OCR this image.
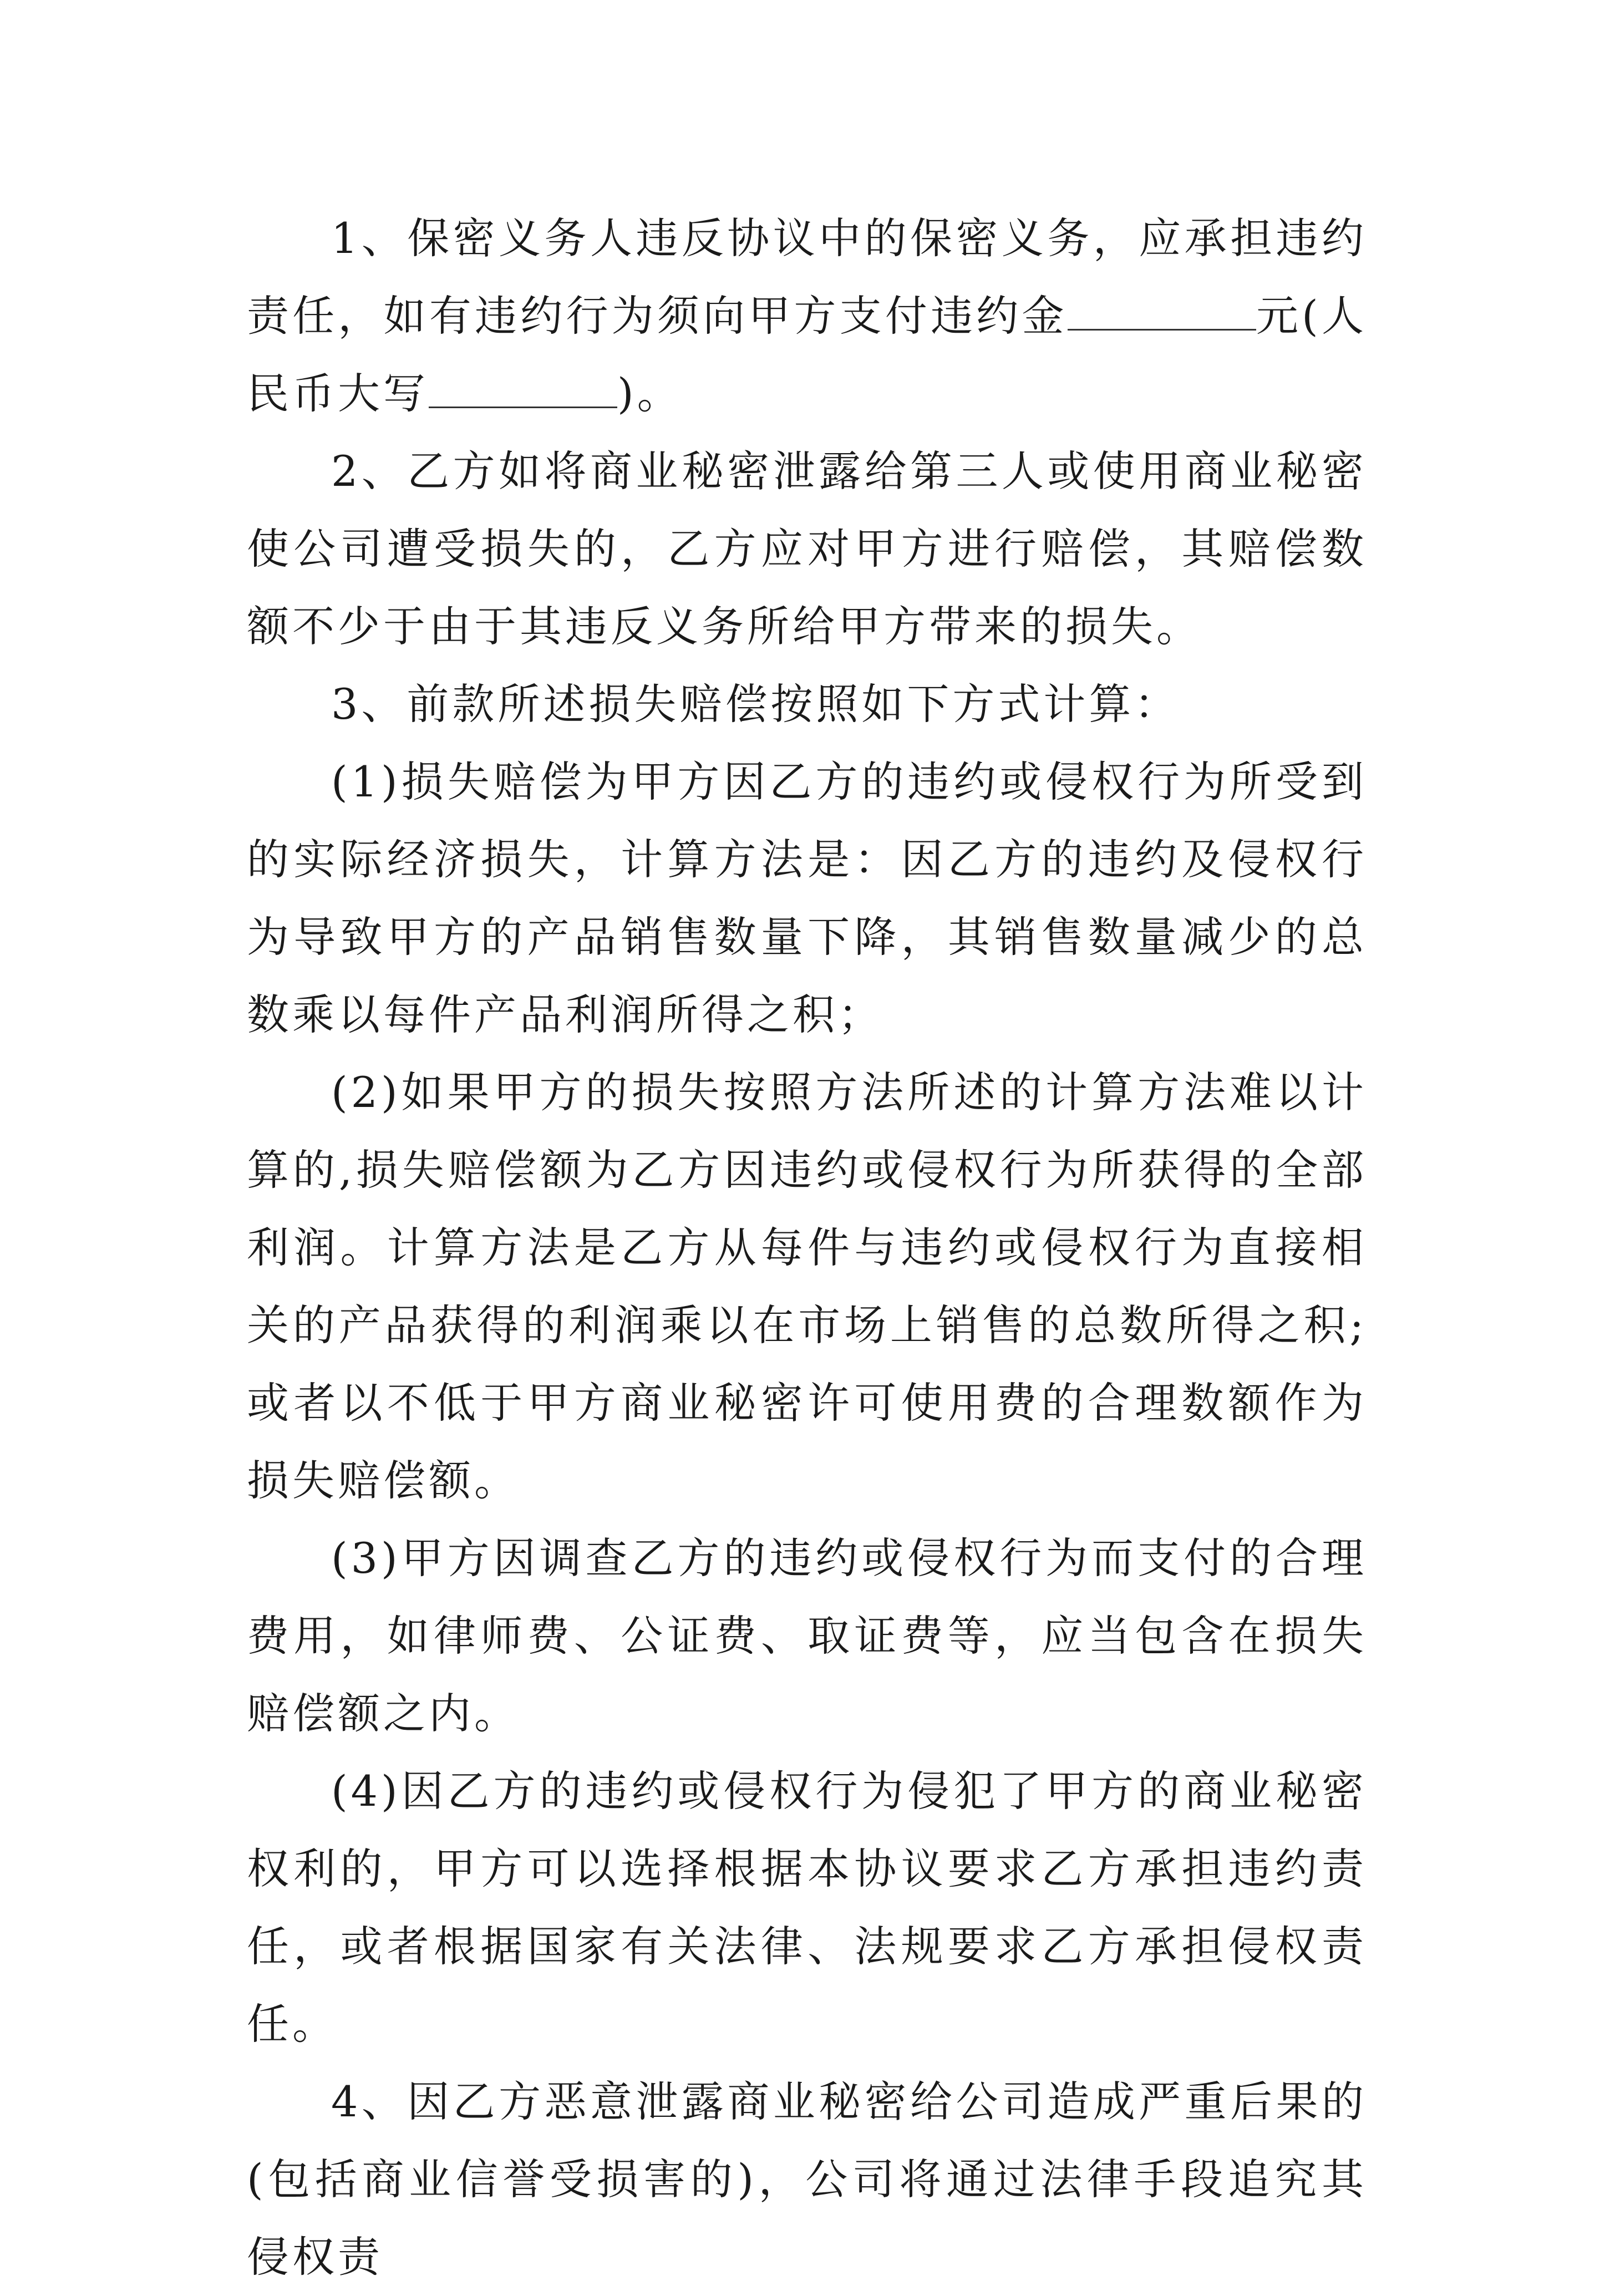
1、保密义务人违反协议中的保密义务，应承担违约责任，如有违约行为须向甲方支付违约金	元(人民币大写	)。

2、乙方如将商业秘密泄露给第三人或使用商业秘密使公司遭受损失的，乙方应对甲方进行赔偿，其赔偿数额不少于由于其违反义务所给甲方带来的损失。

3、前款所述损失赔偿按照如下方式计算：

(1)损失赔偿为甲方因乙方的违约或侵权行为所受到的实际经济损失，计算方法是：因乙方的违约及侵权行为导致甲方的产品销售数量下降，其销售数量减少的总数乘以每件产品利润所得之积；

(2)如果甲方的损失按照方法所述的计算方法难以计算的,损失赔偿额为乙方因违约或侵权行为所获得的全部利润。计算方法是乙方从每件与违约或侵权行为直接相关的产品获得的利润乘以在市场上销售的总数所得之积;或者以不低于甲方商业秘密许可使用费的合理数额作为损失赔偿额。

(3)甲方因调查乙方的违约或侵权行为而支付的合理费用，如律师费、公证费、取证费等，应当包含在损失赔偿额之内。

(4)因乙方的违约或侵权行为侵犯了甲方的商业秘密权利的，甲方可以选择根据本协议要求乙方承担违约责任，或者根据国家有关法律、法规要求乙方承担侵权责任。

4、因乙方恶意泄露商业秘密给公司造成严重后果的(包括商业信誉受损害的)，公司将通过法律手段追究其侵权责
